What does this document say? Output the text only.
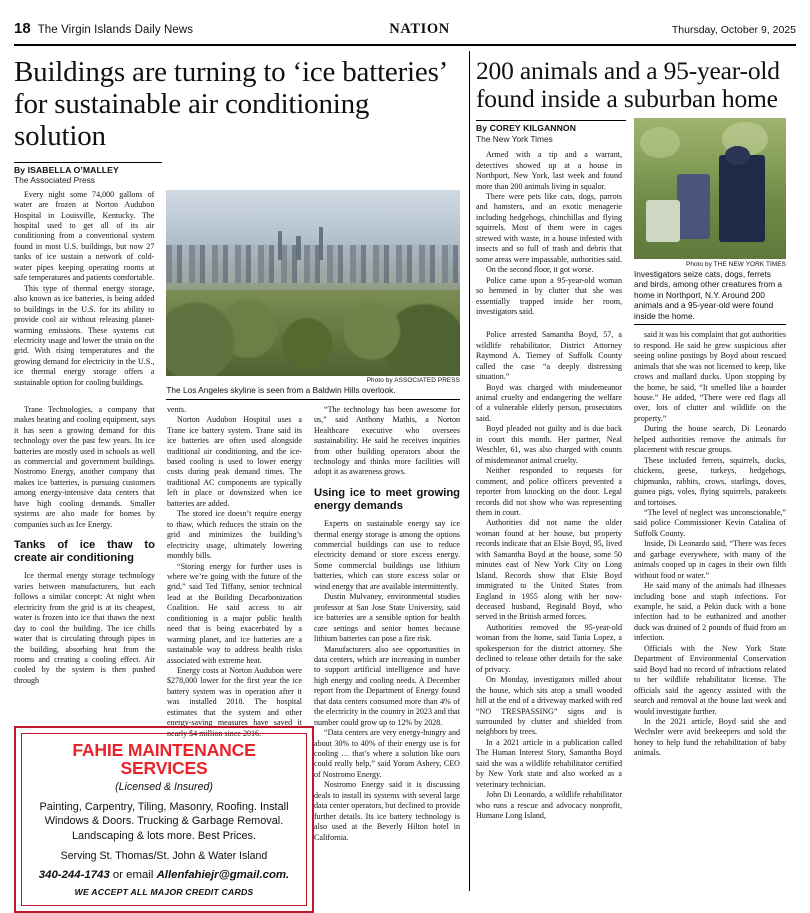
18 The Virgin Islands Daily News	NATION	Thursday, October 9, 2025
Buildings are turning to ‘ice batteries’ for sustainable air conditioning solution
By ISABELLA O’MALLEY
The Associated Press

Every night some 74,000 gallons of water are frozen at Norton Audubon Hospital in Louisville, Kentucky. The hospital used to get all of its air conditioning from a conventional system found in most U.S. buildings, but now 27 tanks of ice sustain a network of cold-water pipes keeping operating rooms at safe temperatures and patients comfortable.

This type of thermal energy storage, also known as ice batteries, is being added to buildings in the U.S. for its ability to provide cool air without releasing planet-warming emissions. These systems cut electricity usage and lower the strain on the grid. With rising temperatures and the growing demand for electricity in the U.S., ice thermal energy storage offers a sustainable option for cooling buildings.	Photo by ASSOCIATED PRESS
The Los Angeles skyline is seen from a Baldwin Hills overlook.

Trane Technologies, a company that makes heating and cooling equipment, says it has seen a growing demand for this technology over the past few years. Its ice batteries are mostly used in schools as well as commercial and government buildings. Nostromo Energy, another company that makes ice batteries, is pursuing customers among energy-intensive data centers that have high cooling demands. Smaller systems are also made for homes by companies such as Ice Energy.

Tanks of ice thaw to create air conditioning

Ice thermal energy storage technology varies between manufacturers, but each follows a similar concept: At night when electricity from the grid is at its cheapest, water is frozen into ice that thaws the next day to cool the building. The ice chills water that is circulating through pipes in the building, absorbing heat from the rooms and creating a cooling effect. Air cooled by the system is then pushed through

vents.

Norton Audubon Hospital uses a Trane ice battery system. Trane said its ice batteries are often used alongside traditional air conditioning, and the ice-based cooling is used to lower energy costs during peak demand times. The traditional AC components are typically left in place or downsized when ice batteries are added.

The stored ice doesn’t require energy to thaw, which reduces the strain on the grid and minimizes the building’s electricity usage, ultimately lowering monthly bills.

“Storing energy for further uses is where we’re going with the future of the grid,” said Ted Tiffany, senior technical lead at the Building Decarbonization Coalition. He said access to air conditioning is a major public health need that is being exacerbated by a warming planet, and ice batteries are a sustainable way to address health risks associated with extreme heat.

Energy costs at Norton Audubon were $278,000 lower for the first year the ice battery system was in operation after it was installed 2018. The hospital estimates that the system and other energy-saving measures have saved it nearly $4 million since 2016.

“The technology has been awesome for us,” said Anthony Mathis, a Norton Healthcare executive who oversees sustainability. He said he receives inquiries from other building operators about the technology and thinks more facilities will adopt it as awareness grows.

Using ice to meet growing energy demands

Experts on sustainable energy say ice thermal energy storage is among the options commercial buildings can use to reduce electricity demand or store excess energy. Some commercial buildings use lithium batteries, which can store excess solar or wind energy that are available intermittently.

Dustin Mulvaney, environmental studies professor at San Jose State University, said ice batteries are a sensible option for health care settings and senior homes because lithium batteries can pose a fire risk.

Manufacturers also see opportunities in data centers, which are increasing in number to support artificial intelligence and have high energy and cooling needs. A December report from the Department of Energy found that data centers consumed more than 4% of the electricity in the country in 2023 and that number could grow up to 12% by 2028.

“Data centers are very energy-hungry and about 30% to 40% of their energy use is for cooling … that’s where a solution like ours could really help,” said Yoram Ashery, CEO of Nostromo Energy.

Nostromo Energy said it is discussing deals to install its systems with several large data center operators, but declined to provide further details. Its ice battery technology is also used at the Beverly Hilton hotel in California.

FAHIE MAINTENANCE SERVICES
(Licensed & Insured)
Painting, Carpentry, Tiling, Masonry, Roofing. Install Windows & Doors. Trucking & Garbage Removal. Landscaping & lots more. Best Prices.
Serving St. Thomas/St. John & Water Island
340-244-1743 or email Allenfahiejr@gmail.com.
WE ACCEPT ALL MAJOR CREDIT CARDS
200 animals and a 95-year-old found inside a suburban home
By COREY KILGANNON
The New York Times

Armed with a tip and a warrant, detectives showed up at a house in Northport, New York, last week and found more than 200 animals living in squalor.

There were pets like cats, dogs, parrots and hamsters, and an exotic menagerie including hedgehogs, chinchillas and flying squirrels. Most of them were in cages strewed with waste, in a house infested with insects and so full of trash and debris that some areas were impassable, authorities said.

On the second floor, it got worse.

Police came upon a 95-year-old woman so hemmed in by clutter that she was essentially trapped inside her room, investigators said.

Photo by THE NEW YORK TIMES
Investigators seize cats, dogs, ferrets and birds, among other creatures from a home in Northport, N.Y. Around 200 animals and a 95-year-old were found inside the home.

Police arrested Samantha Boyd, 57, a wildlife rehabilitator. District Attorney Raymond A. Tierney of Suffolk County called the case “a deeply distressing situation.”

Boyd was charged with misdemeanor animal cruelty and endangering the welfare of a vulnerable elderly person, prosecutors said.

Boyd pleaded not guilty and is due back in court this month. Her partner, Neal Weschler, 61, was also charged with counts of misdemeanor animal cruelty.

Neither responded to requests for comment, and police officers prevented a reporter from knocking on the door. Legal records did not show who was representing them in court.

Authorities did not name the older woman found at her house, but property records indicate that an Elsie Boyd, 95, lived with Samantha Boyd at the house, some 50 minutes east of New York City on Long Island. Records show that Elsie Boyd immigrated to the United States from England in 1955 along with her now-deceased husband, Reginald Boyd, who served in the British armed forces.

Authorities removed the 95-year-old woman from the home, said Tania Lopez, a spokesperson for the district attorney. She declined to release other details for the sake of privacy.

On Monday, investigators milled about the house, which sits atop a small wooded hill at the end of a driveway marked with red “NO TRESPASSING” signs and is surrounded by clutter and shielded from neighbors by trees.

In a 2021 article in a publication called The Human Interest Story, Samantha Boyd said she was a wildlife rehabilitator certified by New York state and also worked as a veterinary technician.

John Di Leonardo, a wildlife rehabilitator who runs a rescue and advocacy nonprofit, Humane Long Island,

said it was his complaint that got authorities to respond. He said he grew suspicious after seeing online postings by Boyd about rescued animals that she was not licensed to keep, like crows and mallard ducks. Upon stopping by the home, he said, “It smelled like a hoarder house.” He added, “There were red flags all over, lots of clutter and wildlife on the property.”

During the house search, Di Leonardo helped authorities remove the animals for placement with rescue groups.

These included ferrets, squirrels, ducks, chickens, geese, turkeys, hedgehogs, chipmunks, rabbits, crows, starlings, doves, guinea pigs, voles, flying squirrels, parakeets and tortoises.

“The level of neglect was unconscionable,” said police Commissioner Kevin Catalina of Suffolk County.

Inside, Di Leonardo said, “There was feces and garbage everywhere, with many of the animals cooped up in cages in their own filth without food or water.”

He said many of the animals had illnesses including bone and staph infections. For example, he said, a Pekin duck with a bone infection had to be euthanized and another duck was drained of 2 pounds of fluid from an infection.

Officials with the New York State Department of Environmental Conservation said Boyd had no record of infractions related to her wildlife rehabilitator license. The officials said the agency assisted with the search and removal at the house last week and would investigate further.

In the 2021 article, Boyd said she and Wechsler were avid beekeepers and sold the honey to help fund the rehabilitation of baby animals.
